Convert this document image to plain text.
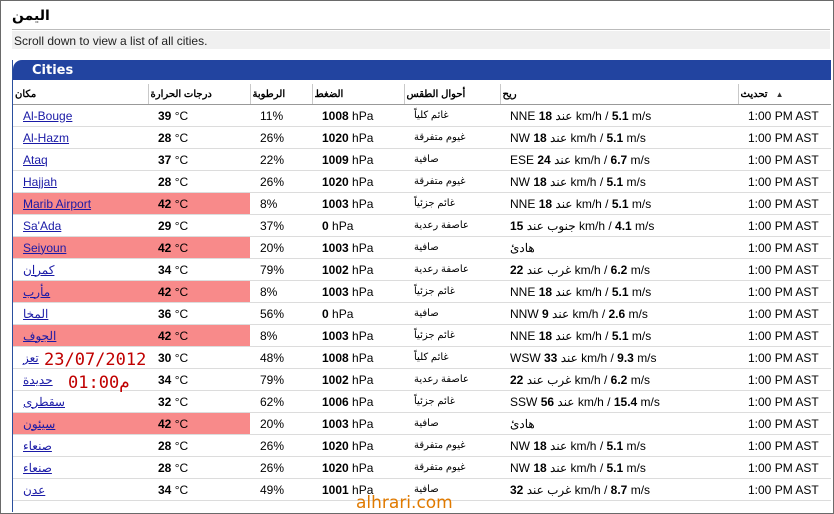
اليمن
Scroll down to view a list of all cities.
Cities
مكان	درجات الحرارة	الرطوبة	الضغط	أحوال الطقس	ريح	تحديث ▲
Al-Bouge	39 °C	11%	1008 hPa	غائم كلياً	NNE 18 عند km/h / 5.1 m/s	1:00 PM AST
Al-Hazm	28 °C	26%	1020 hPa	غيوم متفرقة	NW 18 عند km/h / 5.1 m/s	1:00 PM AST
Ataq	37 °C	22%	1009 hPa	صافية	ESE 24 عند km/h / 6.7 m/s	1:00 PM AST
Hajjah	28 °C	26%	1020 hPa	غيوم متفرقة	NW 18 عند km/h / 5.1 m/s	1:00 PM AST
Marib Airport	42 °C	8%	1003 hPa	غائم جزئياً	NNE 18 عند km/h / 5.1 m/s	1:00 PM AST
Sa'Ada	29 °C	37%	0 hPa	عاصفة رعدية	15 جنوب عند km/h / 4.1 m/s	1:00 PM AST
Seiyoun	42 °C	20%	1003 hPa	صافية	هادئ	1:00 PM AST
كمران	34 °C	79%	1002 hPa	عاصفة رعدية	22 غرب عند km/h / 6.2 m/s	1:00 PM AST
مأرب	42 °C	8%	1003 hPa	غائم جزئياً	NNE 18 عند km/h / 5.1 m/s	1:00 PM AST
المخا	36 °C	56%	0 hPa	صافية	NNW 9 عند km/h / 2.6 m/s	1:00 PM AST
الجوف	42 °C	8%	1003 hPa	غائم جزئياً	NNE 18 عند km/h / 5.1 m/s	1:00 PM AST
تعز	30 °C	48%	1008 hPa	غائم كلياً	WSW 33 عند km/h / 9.3 m/s	1:00 PM AST
حديدة	34 °C	79%	1002 hPa	عاصفة رعدية	22 غرب عند km/h / 6.2 m/s	1:00 PM AST
سقطرى	32 °C	62%	1006 hPa	غائم جزئياً	SSW 56 عند km/h / 15.4 m/s	1:00 PM AST
سيئون	42 °C	20%	1003 hPa	صافية	هادئ	1:00 PM AST
صنعاء	28 °C	26%	1020 hPa	غيوم متفرقة	NW 18 عند km/h / 5.1 m/s	1:00 PM AST
صنعاء	28 °C	26%	1020 hPa	غيوم متفرقة	NW 18 عند km/h / 5.1 m/s	1:00 PM AST
عدن	34 °C	49%	1001 hPa	صافية	32 غرب عند km/h / 8.7 m/s	1:00 PM AST
23/07/2012
01:00م
alhrari.com
